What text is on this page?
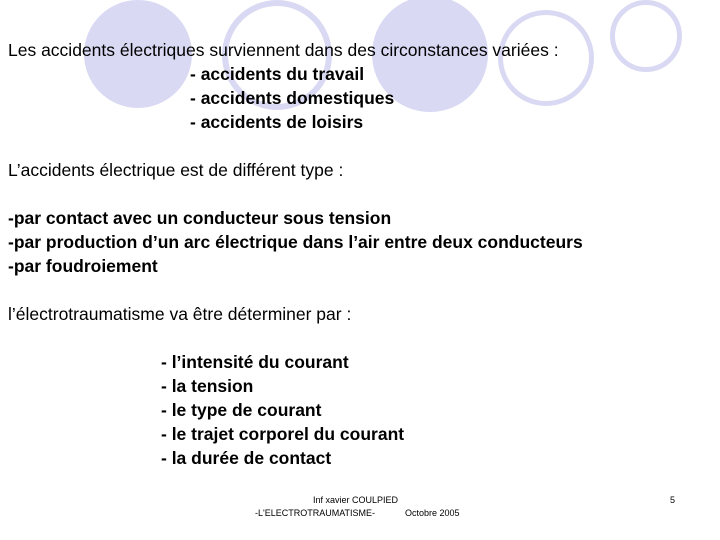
Les accidents électriques surviennent dans des circonstances variées :
- accidents du travail
- accidents domestiques
- accidents de loisirs
L’accidents électrique est de différent type :
-par contact avec un conducteur sous tension
-par production d’un arc électrique dans l’air entre deux conducteurs
-par foudroiement
l’électrotraumatisme va être déterminer par :
- l’intensité du courant
- la tension
- le type de courant
- le trajet corporel du courant
- la durée de contact
Inf xavier COULPIED
-L'ELECTROTRAUMATISME-	Octobre 2005
5
